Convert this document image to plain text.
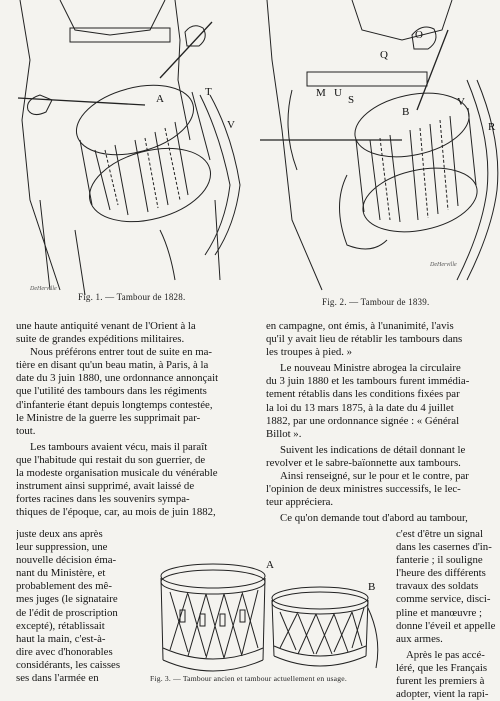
A
T
V
DeHerville
Fig. 1. — Tambour de 1828.
O
Q
M U
S
B
V
R
DeHerville
Fig. 2. — Tambour de 1839.
une haute antiquité venant de l'Orient à la
suite de grandes expéditions militaires.
Nous préférons entrer tout de suite en ma-
tière en disant qu'un beau matin, à Paris, à la
date du 3 juin 1880, une ordonnance annonçait
que l'utilité des tambours dans les régiments
d'infanterie étant depuis longtemps contestée,
le Ministre de la guerre les supprimait par-
tout.
Les tambours avaient vécu, mais il paraît
que l'habitude qui restait du son guerrier, de
la modeste organisation musicale du vénérable
instrument ainsi supprimé, avait laissé de
fortes racines dans les souvenirs sympa-
thiques de l'époque, car, au mois de juin 1882,
juste deux ans après
leur suppression, une
nouvelle décision éma-
nant du Ministère, et
probablement des mê-
mes juges (le signataire
de l'édit de proscription
excepté), rétablissait
haut la main, c'est-à-
dire avec d'honorables
considérants, les caisses
ses dans l'armée en
en campagne, ont émis, à l'unanimité, l'avis
qu'il y avait lieu de rétablir les tambours dans
les troupes à pied. »
Le nouveau Ministre abrogea la circulaire
du 3 juin 1880 et les tambours furent immédia-
tement rétablis dans les conditions fixées par
la loi du 13 mars 1875, à la date du 4 juillet
1882, par une ordonnance signée : « Général
Billot ».
Suivent les indications de détail donnant le
revolver et le sabre-baïonnette aux tambours.
Ainsi renseigné, sur le pour et le contre, par
l'opinion de deux ministres successifs, le lec-
teur appréciera.
Ce qu'on demande tout d'abord au tambour,
c'est d'être un signal
dans les casernes d'in-
fanterie ; il souligne
l'heure des différents
travaux des soldats
comme service, disci-
pline et manœuvre ;
donne l'éveil et appelle
aux armes.
Après le pas accé-
léré, que les Français
furent les premiers à
adopter, vient la rapi-
A
B
Fig. 3. — Tambour ancien et tambour actuellement en usage.
